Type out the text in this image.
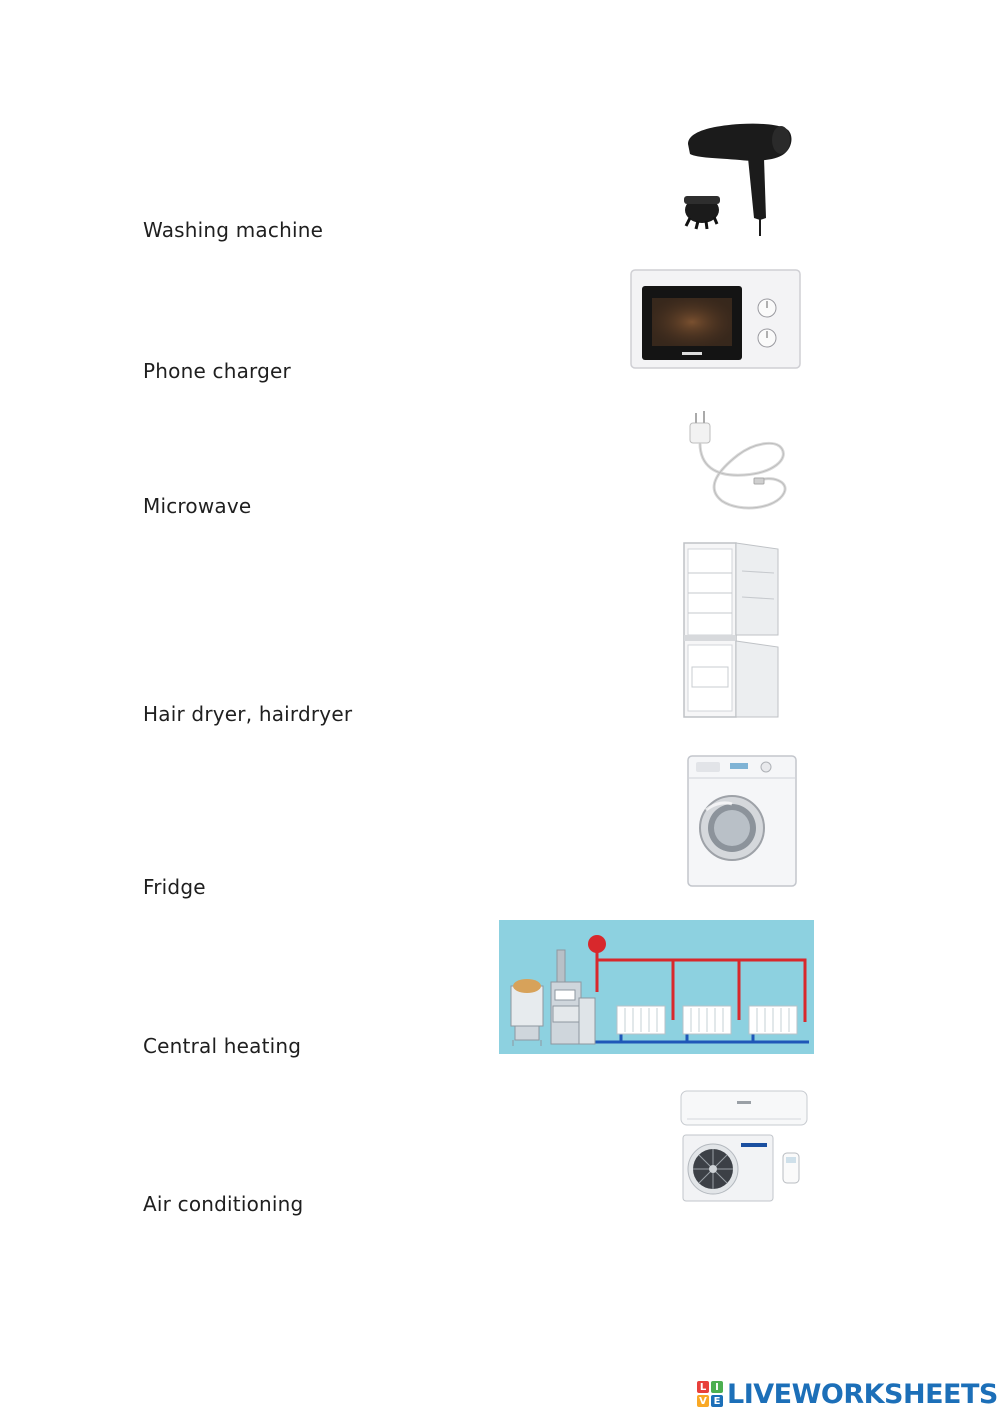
Washing machine
Phone charger
Microwave
Hair dryer, hairdryer
Fridge
Central heating
Air conditioning
L I
V E LIVEWORKSHEETS
